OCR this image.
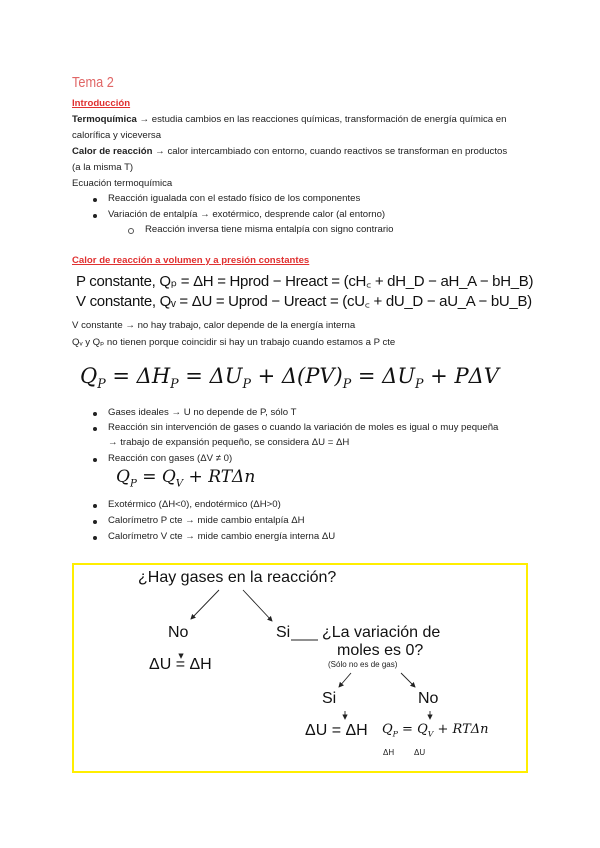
Tema 2
Introducción
Termoquímica → estudia cambios en las reacciones químicas, transformación de energía química en
calorífica y viceversa
Calor de reacción → calor intercambiado con entorno, cuando reactivos se transforman en productos
(a la misma T)
Ecuación termoquímica
Reacción igualada con el estado físico de los componentes
Variación de entalpía → exotérmico, desprende calor (al entorno)
Reacción inversa tiene misma entalpía con signo contrario
Calor de reacción a volumen y a presión constantes
P constante, Qₚ = ΔH = Hprod − Hreact = (cH꜀ + dH_D − aH_A − bH_B)
V constante, Qᵥ = ΔU = Uprod − Ureact = (cU꜀ + dU_D − aU_A − bU_B)
V constante → no hay trabajo, calor depende de la energía interna
Qᵥ y Qₚ no tienen porque coincidir si hay un trabajo cuando estamos a P cte
$Q_P = \Delta H_P = \Delta U_P + \Delta(PV)_P = \Delta U_P + P\Delta V$
Gases ideales → U no depende de P, sólo T
Reacción sin intervención de gases o cuando la variación de moles es igual o muy pequeña
→ trabajo de expansión pequeño, se considera ΔU = ΔH
Reacción con gases (ΔV ≠ 0)
$Q_P = Q_V + RT\Delta n$
Exotérmico (ΔH<0), endotérmico (ΔH>0)
Calorímetro P cte → mide cambio entalpía ΔH
Calorímetro V cte → mide cambio energía interna ΔU
¿Hay gases en la reacción?
No
ΔU = ΔH
Si ¿La variación de
moles es 0?
(Sólo no es de gas)
Si	No
ΔU = ΔH $Q_P = Q_V + RT\Delta n$
ΔH ΔU
